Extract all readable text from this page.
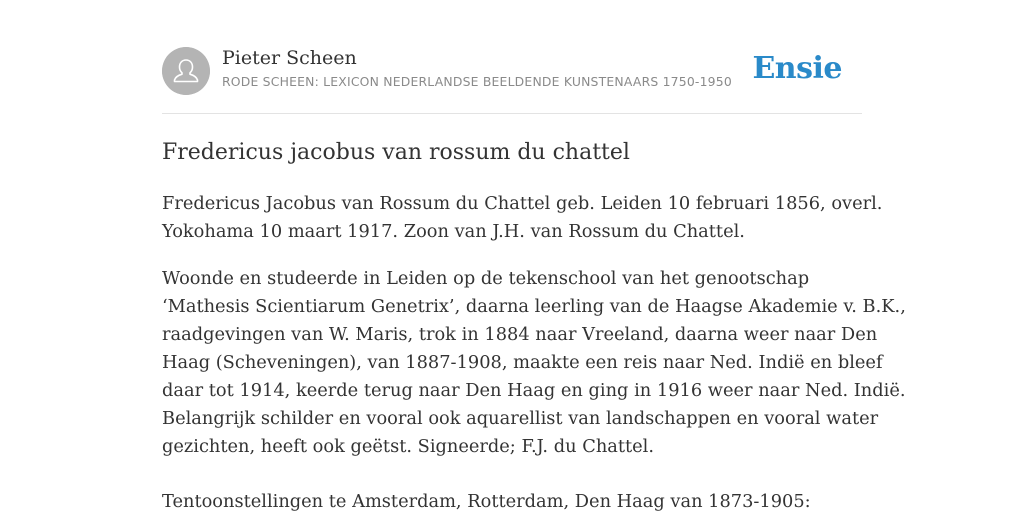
Pieter Scheen
RODE SCHEEN: LEXICON NEDERLANDSE BEELDENDE KUNSTENAARS 1750-1950 Ensie
Fredericus jacobus van rossum du chattel

Fredericus Jacobus van Rossum du Chattel geb. Leiden 10 februari 1856, overl.
Yokohama 10 maart 1917. Zoon van J.H. van Rossum du Chattel.

Woonde en studeerde in Leiden op de tekenschool van het genootschap
‘Mathesis Scientiarum Genetrix’, daarna leerling van de Haagse Akademie v. B.K.,
raadgevingen van W. Maris, trok in 1884 naar Vreeland, daarna weer naar Den
Haag (Scheveningen), van 1887-1908, maakte een reis naar Ned. Indië en bleef
daar tot 1914, keerde terug naar Den Haag en ging in 1916 weer naar Ned. Indië.
Belangrijk schilder en vooral ook aquarellist van landschappen en vooral water
gezichten, heeft ook geëtst. Signeerde; F.J. du Chattel.

Tentoonstellingen te Amsterdam, Rotterdam, Den Haag van 1873-1905:
